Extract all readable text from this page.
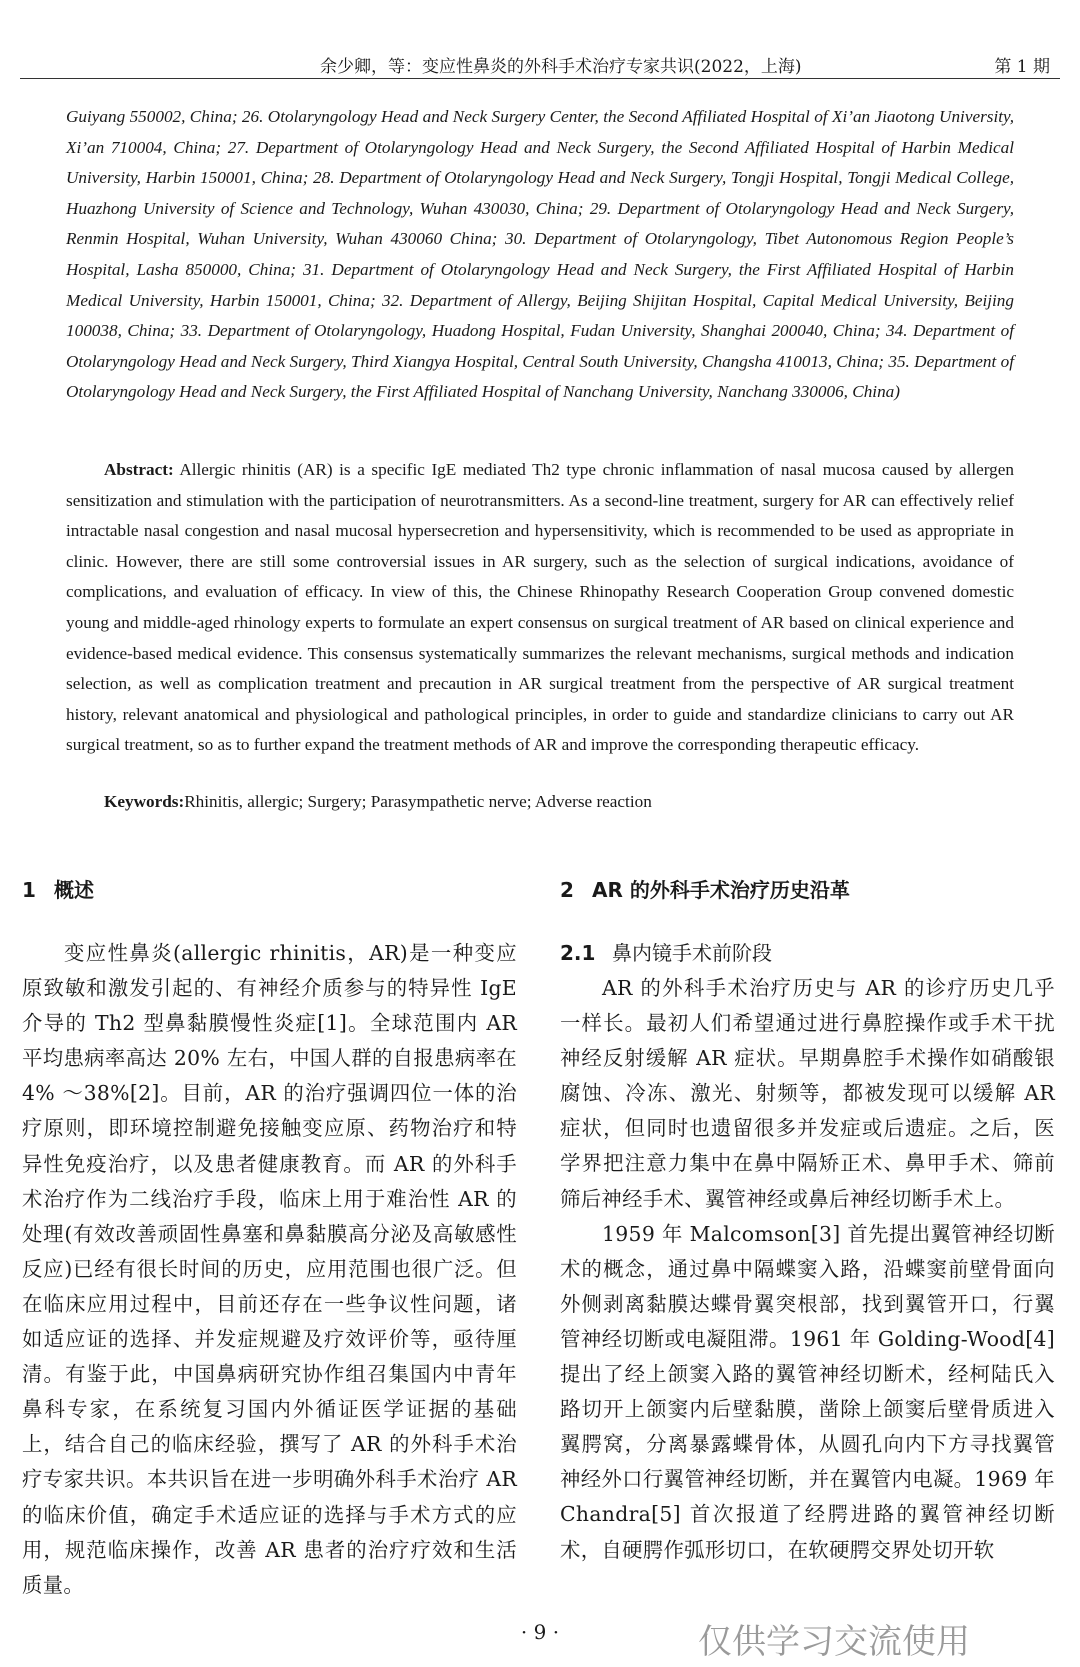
余少卿，等：变应性鼻炎的外科手术治疗专家共识(2022，上海)	第 1 期

Guiyang 550002, China; 26. Otolaryngology Head and Neck Surgery Center, the Second Affiliated Hospital of Xi’an Jiaotong University, Xi’an 710004, China; 27. Department of Otolaryngology Head and Neck Surgery, the Second Affiliated Hospital of Harbin Medical University, Harbin 150001, China; 28. Department of Otolaryngology Head and Neck Surgery, Tongji Hospital, Tongji Medical College, Huazhong University of Science and Technology, Wuhan 430030, China; 29. Department of Otolaryngology Head and Neck Surgery, Renmin Hospital, Wuhan University, Wuhan 430060 China; 30. Department of Otolaryngology, Tibet Autonomous Region People’s Hospital, Lasha 850000, China; 31. Department of Otolaryngology Head and Neck Surgery, the First Affiliated Hospital of Harbin Medical University, Harbin 150001, China; 32. Department of Allergy, Beijing Shijitan Hospital, Capital Medical University, Beijing 100038, China; 33. Department of Otolaryngology, Huadong Hospital, Fudan University, Shanghai 200040, China; 34. Department of Otolaryngology Head and Neck Surgery, Third Xiangya Hospital, Central South University, Changsha 410013, China; 35. Department of Otolaryngology Head and Neck Surgery, the First Affiliated Hospital of Nanchang University, Nanchang 330006, China)

Abstract: Allergic rhinitis (AR) is a specific IgE mediated Th2 type chronic inflammation of nasal mucosa caused by allergen sensitization and stimulation with the participation of neurotransmitters. As a second-line treatment, surgery for AR can effectively relief intractable nasal congestion and nasal mucosal hypersecretion and hypersensitivity, which is recommended to be used as appropriate in clinic. However, there are still some controversial issues in AR surgery, such as the selection of surgical indications, avoidance of complications, and evaluation of efficacy. In view of this, the Chinese Rhinopathy Research Cooperation Group convened domestic young and middle-aged rhinology experts to formulate an expert consensus on surgical treatment of AR based on clinical experience and evidence-based medical evidence. This consensus systematically summarizes the relevant mechanisms, surgical methods and indication selection, as well as complication treatment and precaution in AR surgical treatment from the perspective of AR surgical treatment history, relevant anatomical and physiological and pathological principles, in order to guide and standardize clinicians to carry out AR surgical treatment, so as to further expand the treatment methods of AR and improve the corresponding therapeutic efficacy.

Keywords:Rhinitis, allergic; Surgery; Parasympathetic nerve; Adverse reaction
1 概述

变应性鼻炎(allergic rhinitis，AR)是一种变应原致敏和激发引起的、有神经介质参与的特异性 IgE 介导的 Th2 型鼻黏膜慢性炎症[1]。全球范围内 AR 平均患病率高达 20% 左右，中国人群的自报患病率在 4% ～38%[2]。目前，AR 的治疗强调四位一体的治疗原则，即环境控制避免接触变应原、药物治疗和特异性免疫治疗，以及患者健康教育。而 AR 的外科手术治疗作为二线治疗手段，临床上用于难治性 AR 的处理(有效改善顽固性鼻塞和鼻黏膜高分泌及高敏感性反应)已经有很长时间的历史，应用范围也很广泛。但在临床应用过程中，目前还存在一些争议性问题，诸如适应证的选择、并发症规避及疗效评价等，亟待厘清。有鉴于此，中国鼻病研究协作组召集国内中青年鼻科专家，在系统复习国内外循证医学证据的基础上，结合自己的临床经验，撰写了 AR 的外科手术治疗专家共识。本共识旨在进一步明确外科手术治疗 AR 的临床价值，确定手术适应证的选择与手术方式的应用，规范临床操作，改善 AR 患者的治疗疗效和生活质量。

2 AR 的外科手术治疗历史沿革
2.1 鼻内镜手术前阶段

AR 的外科手术治疗历史与 AR 的诊疗历史几乎一样长。最初人们希望通过进行鼻腔操作或手术干扰神经反射缓解 AR 症状。早期鼻腔手术操作如硝酸银腐蚀、冷冻、激光、射频等，都被发现可以缓解 AR 症状，但同时也遗留很多并发症或后遗症。之后，医学界把注意力集中在鼻中隔矫正术、鼻甲手术、筛前筛后神经手术、翼管神经或鼻后神经切断手术上。

1959 年 Malcomson[3] 首先提出翼管神经切断术的概念，通过鼻中隔蝶窦入路，沿蝶窦前壁骨面向外侧剥离黏膜达蝶骨翼突根部，找到翼管开口，行翼管神经切断或电凝阻滞。1961 年 Golding-Wood[4] 提出了经上颌窦入路的翼管神经切断术，经柯陆氏入路切开上颌窦内后壁黏膜，凿除上颌窦后壁骨质进入翼腭窝，分离暴露蝶骨体，从圆孔向内下方寻找翼管神经外口行翼管神经切断，并在翼管内电凝。1969 年 Chandra[5] 首次报道了经腭进路的翼管神经切断术，自硬腭作弧形切口，在软硬腭交界处切开软

· 9 ·	仅供学习交流使用
